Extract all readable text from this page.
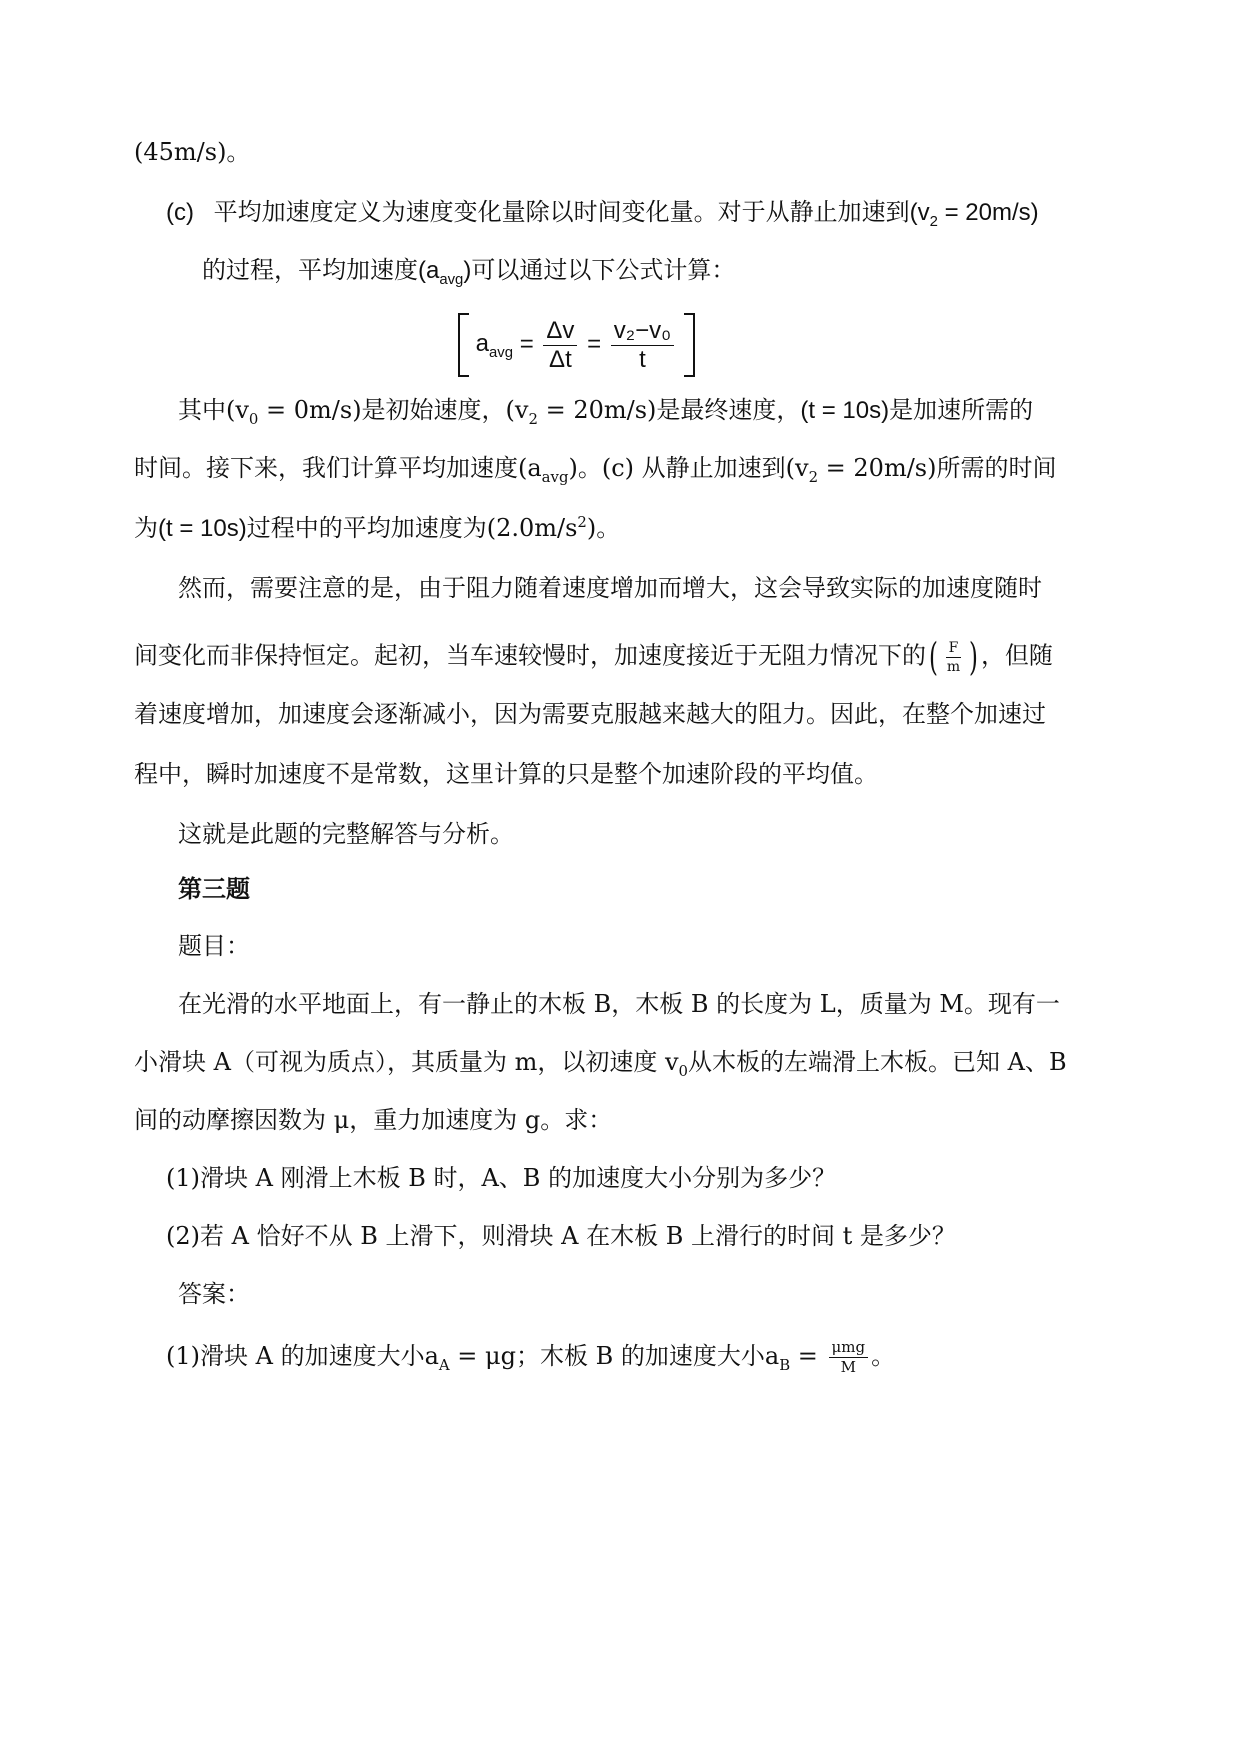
(45m/s)。
(c) 平均加速度定义为速度变化量除以时间变化量。对于从静止加速到$(v_2 = 20m/s)$
的过程，平均加速度$(a_{avg})$可以通过以下公式计算：
$a_{avg} = \frac{\Delta v}{\Delta t} = \frac{\text{v₂−v₀}}{t}$

其中$(v_0 = 0m/s)$是初始速度，$(v_2 = 20m/s)$是最终速度，(t = 10s)是加速所需的
时间。接下来，我们计算平均加速度$(a_{avg})$。(c) 从静止加速到$(v_2 = 20m/s)$所需的时间
为(t = 10s)过程中的平均加速度为$(2.0m/s^2)$。
然而，需要注意的是，由于阻力随着速度增加而增大，这会导致实际的加速度随时
间变化而非保持恒定。起初，当车速较慢时，加速度接近于无阻力情况下的( $\frac{F}{m}$ ) ，但随
着速度增加，加速度会逐渐减小，因为需要克服越来越大的阻力。因此，在整个加速过
程中，瞬时加速度不是常数，这里计算的只是整个加速阶段的平均值。
这就是此题的完整解答与分析。
第三题
题目：
在光滑的水平地面上，有一静止的木板 B，木板 B 的长度为 L，质量为 M。现有一
小滑块 A（可视为质点），其质量为 m，以初速度 $v_0$从木板的左端滑上木板。已知 A、B
间的动摩擦因数为 μ，重力加速度为 g。求：
(1)滑块 A 刚滑上木板 B 时，A、B 的加速度大小分别为多少？
(2)若 A 恰好不从 B 上滑下，则滑块 A 在木板 B 上滑行的时间 t 是多少？
答案：
(1)滑块 A 的加速度大小$a_A = \mu g$；木板 B 的加速度大小$a_B = \frac{\text{μmg}}{M}$ 。
